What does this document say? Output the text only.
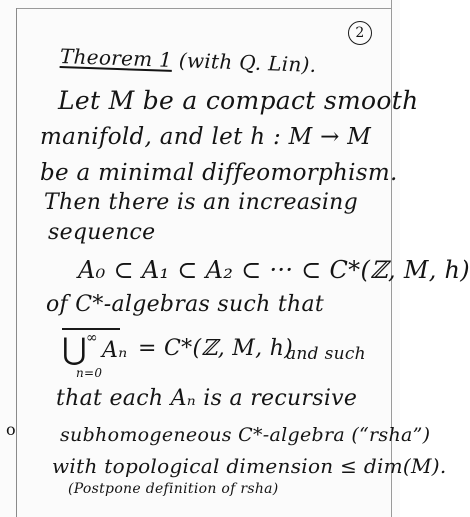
2
Theorem 1 (with Q. Lin).
Let M be a compact smooth
manifold, and let h : M → M
be a minimal diffeomorphism.
Then there is an increasing
sequence
A₀ ⊂ A₁ ⊂ A₂ ⊂ ··· ⊂ C*(ℤ, M, h)
of C*-algebras such that
⋃ ∞ Aₙ
n=0
= C*(ℤ, M, h)
and such
that each Aₙ is a recursive
o subhomogeneous C*-algebra (“rsha”)
with topological dimension ≤ dim(M).
(Postpone definition of rsha)
